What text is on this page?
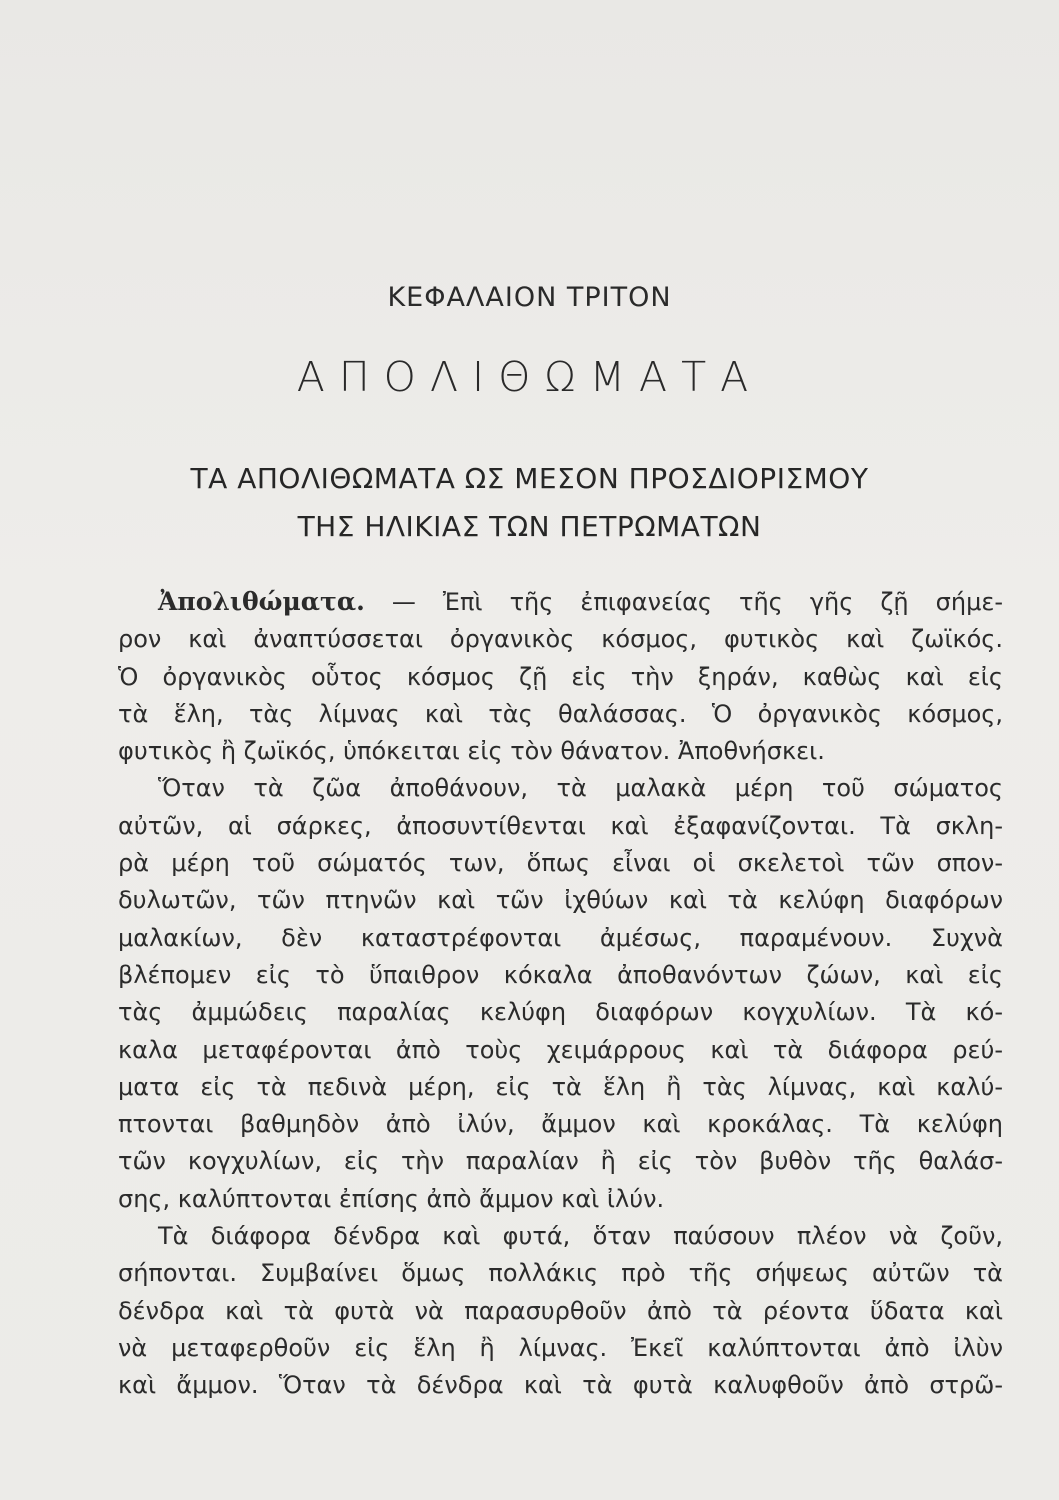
ΚΕΦΑΛΑΙΟΝ ΤΡΙΤΟΝ
ΑΠΟΛΙΘΩΜΑΤΑ
ΤΑ ΑΠΟΛΙΘΩΜΑΤΑ ΩΣ ΜΕΣΟΝ ΠΡΟΣΔΙΟΡΙΣΜΟΥ
ΤΗΣ ΗΛΙΚΙΑΣ ΤΩΝ ΠΕΤΡΩΜΑΤΩΝ
Ἀπολιθώματα. — Ἐπὶ τῆς ἐπιφανείας τῆς γῆς ζῇ σήμε-
ρον καὶ ἀναπτύσσεται ὀργανικὸς κόσμος, φυτικὸς καὶ ζωϊκός.
Ὁ ὀργανικὸς οὗτος κόσμος ζῇ εἰς τὴν ξηράν, καθὼς καὶ εἰς
τὰ ἕλη, τὰς λίμνας καὶ τὰς θαλάσσας. Ὁ ὀργανικὸς κόσμος,
φυτικὸς ἢ ζωϊκός, ὑπόκειται εἰς τὸν θάνατον. Ἀποθνήσκει.
Ὅταν τὰ ζῶα ἀποθάνουν, τὰ μαλακὰ μέρη τοῦ σώματος
αὐτῶν, αἱ σάρκες, ἀποσυντίθενται καὶ ἐξαφανίζονται. Τὰ σκλη-
ρὰ μέρη τοῦ σώματός των, ὅπως εἶναι οἱ σκελετοὶ τῶν σπον-
δυλωτῶν, τῶν πτηνῶν καὶ τῶν ἰχθύων καὶ τὰ κελύφη διαφόρων
μαλακίων, δὲν καταστρέφονται ἀμέσως, παραμένουν. Συχνὰ
βλέπομεν εἰς τὸ ὕπαιθρον κόκαλα ἀποθανόντων ζώων, καὶ εἰς
τὰς ἀμμώδεις παραλίας κελύφη διαφόρων κογχυλίων. Τὰ κό-
καλα μεταφέρονται ἀπὸ τοὺς χειμάρρους καὶ τὰ διάφορα ρεύ-
ματα εἰς τὰ πεδινὰ μέρη, εἰς τὰ ἕλη ἢ τὰς λίμνας, καὶ καλύ-
πτονται βαθμηδὸν ἀπὸ ἰλύν, ἄμμον καὶ κροκάλας. Τὰ κελύφη
τῶν κογχυλίων, εἰς τὴν παραλίαν ἢ εἰς τὸν βυθὸν τῆς θαλάσ-
σης, καλύπτονται ἐπίσης ἀπὸ ἄμμον καὶ ἰλύν.
Τὰ διάφορα δένδρα καὶ φυτά, ὅταν παύσουν πλέον νὰ ζοῦν,
σήπονται. Συμβαίνει ὅμως πολλάκις πρὸ τῆς σήψεως αὐτῶν τὰ
δένδρα καὶ τὰ φυτὰ νὰ παρασυρθοῦν ἀπὸ τὰ ρέοντα ὕδατα καὶ
νὰ μεταφερθοῦν εἰς ἕλη ἢ λίμνας. Ἐκεῖ καλύπτονται ἀπὸ ἰλὺν
καὶ ἄμμον. Ὅταν τὰ δένδρα καὶ τὰ φυτὰ καλυφθοῦν ἀπὸ στρῶ-
